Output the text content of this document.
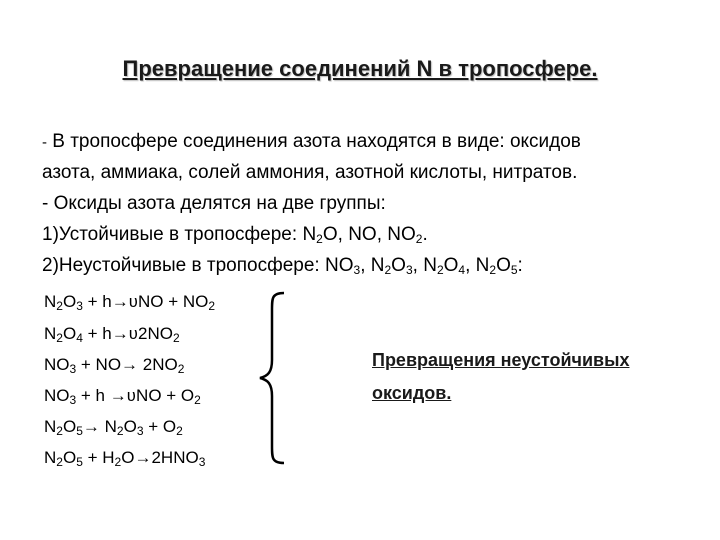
Превращение соединений N в тропосфере.
- В тропосфере соединения азота находятся в виде: оксидов
азота, аммиака, солей аммония, азотной кислоты, нитратов.
- Оксиды азота делятся на две группы:
1)Устойчивые в тропосфере: $N_2O$, NO, $NO_2$.
2)Неустойчивые в тропосфере: $NO_3$, $N_2O_3$, $N_2O_4$, $N_2O_5$:
$N_2O_3$ + h→ʋNO + $NO_2$
$N_2O_4$ + $h\to ʋ2NO_2$
$NO_3 + NO\to 2NO_2$
$NO_3 + h$ →ʋNO + $O_2$
$N_2O_5\to N_2O_3 + O_2$
$N_2O_5 + H_2O\to 2HNO_3$
Превращения неустойчивых
оксидов.
